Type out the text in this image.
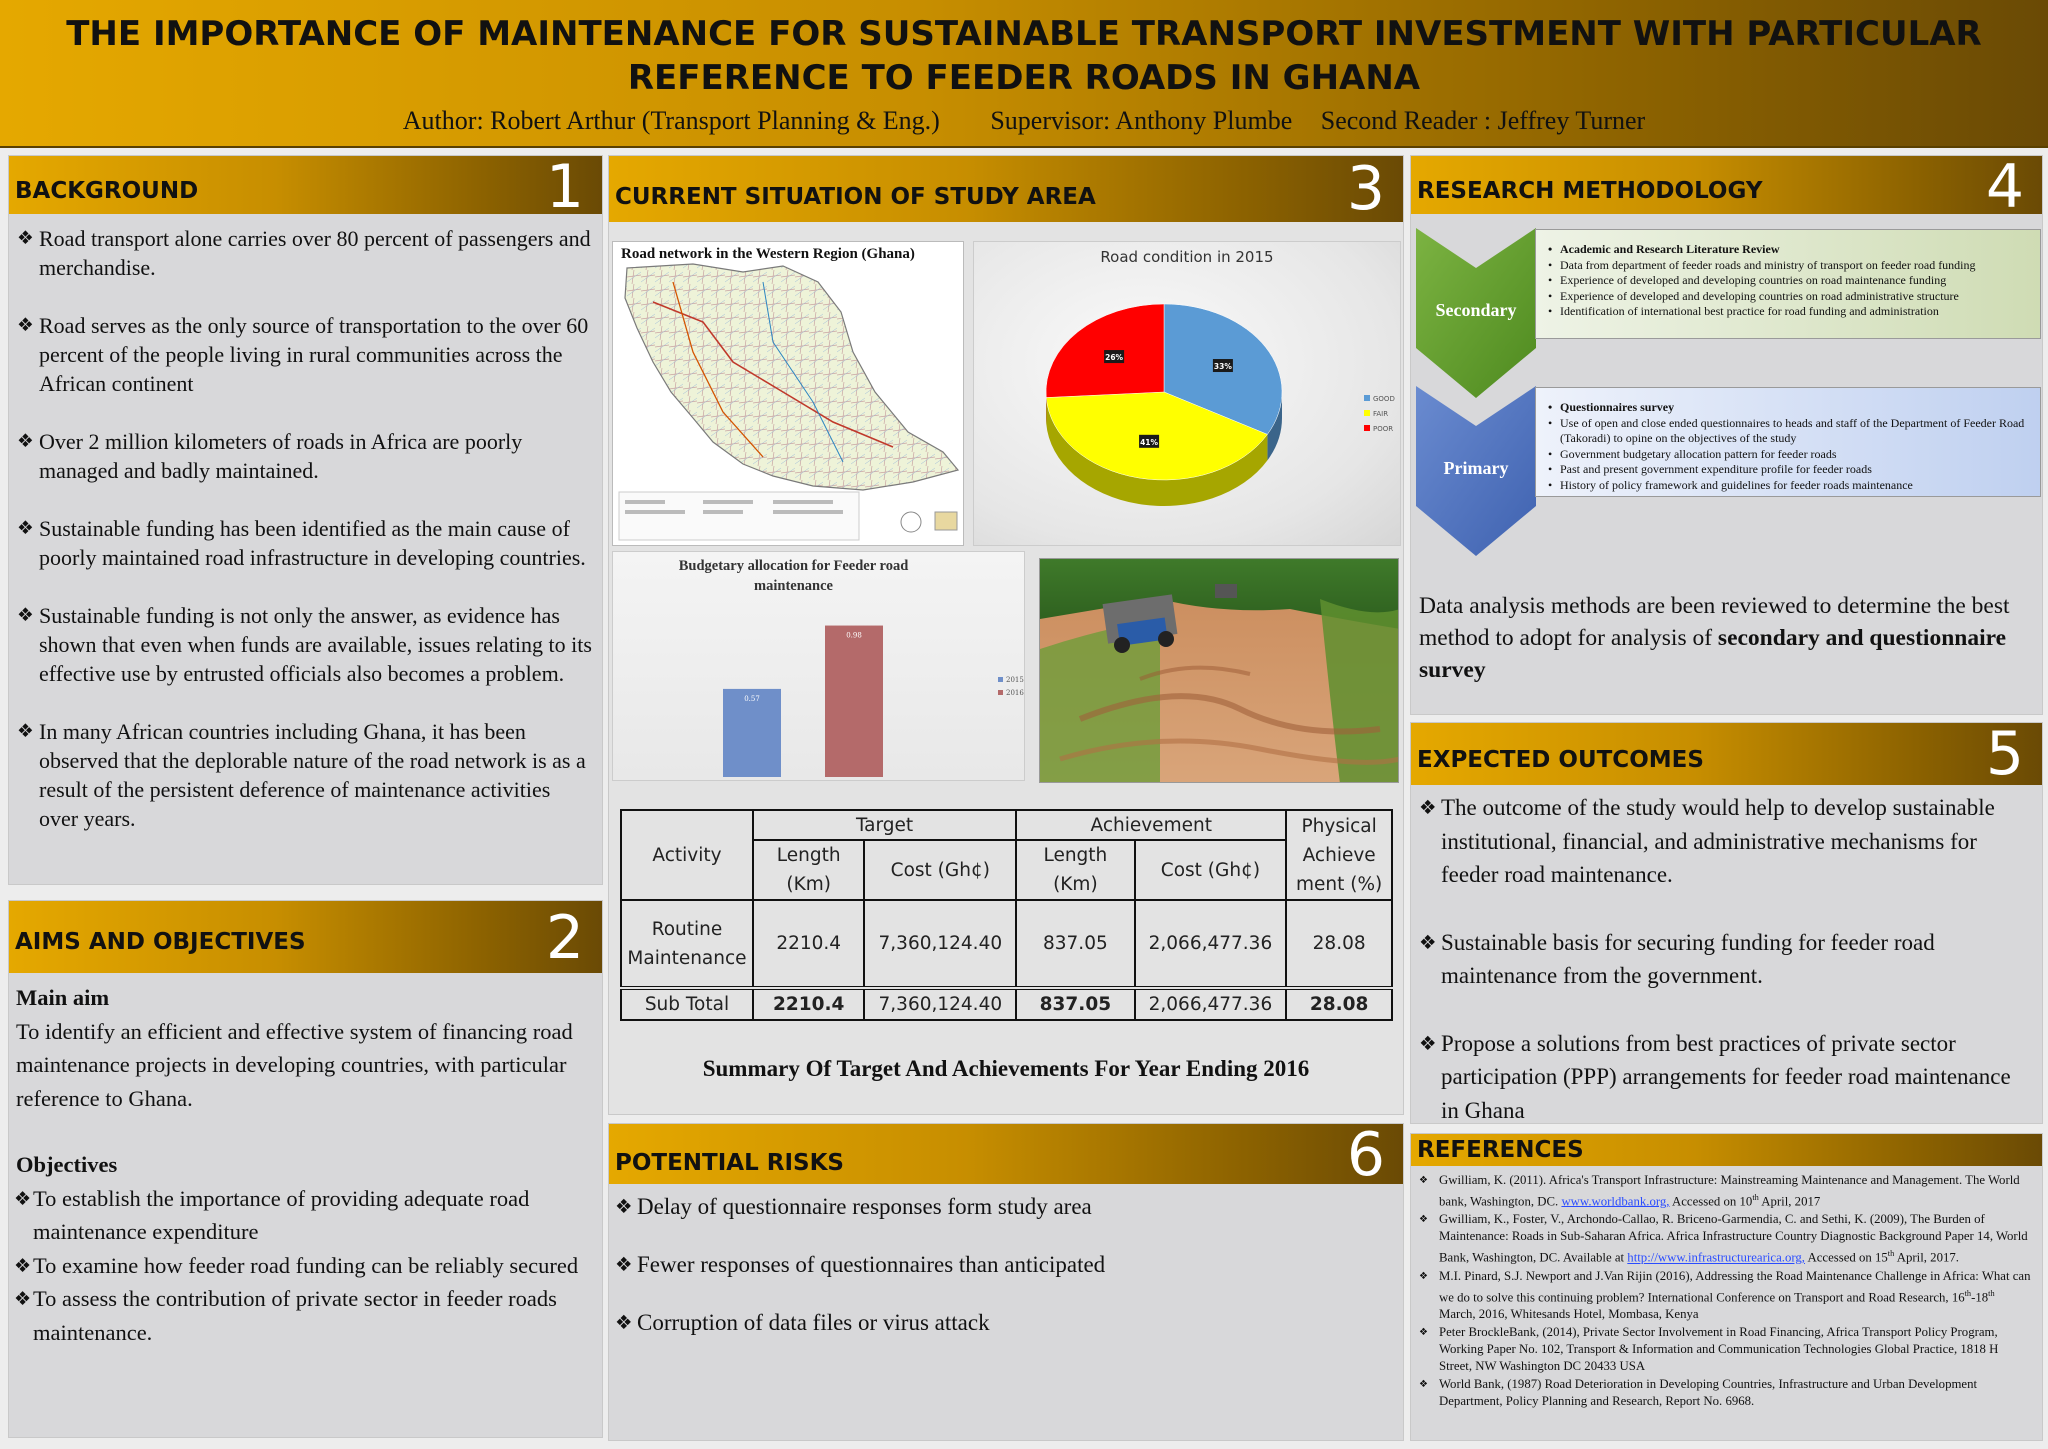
THE IMPORTANCE OF MAINTENANCE FOR SUSTAINABLE TRANSPORT INVESTMENT WITH PARTICULAR REFERENCE TO FEEDER ROADS IN GHANA
Author: Robert Arthur (Transport Planning & Eng.) Supervisor: Anthony Plumbe Second Reader : Jeffrey Turner
BACKGROUND	1
❖ Road transport alone carries over 80 percent of passengers and merchandise.
❖ Road serves as the only source of transportation to the over 60 percent of the people living in rural communities across the African continent
❖ Over 2 million kilometers of roads in Africa are poorly managed and badly maintained.
❖ Sustainable funding has been identified as the main cause of poorly maintained road infrastructure in developing countries.
❖ Sustainable funding is not only the answer, as evidence has shown that even when funds are available, issues relating to its effective use by entrusted officials also becomes a problem.
❖ In many African countries including Ghana, it has been observed that the deplorable nature of the road network is as a result of the persistent deference of maintenance activities over years.
AIMS AND OBJECTIVES	2
Main aim
To identify an efficient and effective system of financing road maintenance projects in developing countries, with particular reference to Ghana.
Objectives
❖ To establish the importance of providing adequate road maintenance expenditure
❖ To examine how feeder road funding can be reliably secured
❖ To assess the contribution of private sector in feeder roads maintenance.
CURRENT SITUATION OF STUDY AREA	3
Road network in the Western Region (Ghana)	Road condition in 2015
33%
41%
26%
GOOD
FAIR
POOR
Budgetary allocation for Feeder road maintenance
0.57
0.98
2015
2016
Activity	Target		Achievement		Physical Achieve ment (%)
	Length (Km)	Cost (Gh¢)	Length (Km)	Cost (Gh¢)	
Routine Maintenance	2210.4	7,360,124.40	837.05	2,066,477.36	28.08
Sub Total	2210.4	7,360,124.40	837.05	2,066,477.36	28.08
Summary Of Target And Achievements For Year Ending 2016
POTENTIAL RISKS	6
❖ Delay of questionnaire responses form study area
❖ Fewer responses of questionnaires than anticipated
❖ Corruption of data files or virus attack
RESEARCH METHODOLOGY	4
Secondary
• Academic and Research Literature Review
• Data from department of feeder roads and ministry of transport on feeder road funding
• Experience of developed and developing countries on road maintenance funding
• Experience of developed and developing countries on road administrative structure
• Identification of international best practice for road funding and administration
Primary
• Questionnaires survey
• Use of open and close ended questionnaires to heads and staff of the Department of Feeder Road (Takoradi) to opine on the objectives of the study
• Government budgetary allocation pattern for feeder roads
• Past and present government expenditure profile for feeder roads
• History of policy framework and guidelines for feeder roads maintenance
Data analysis methods are been reviewed to determine the best method to adopt for analysis of secondary and questionnaire survey
EXPECTED OUTCOMES	5
❖ The outcome of the study would help to develop sustainable institutional, financial, and administrative mechanisms for feeder road maintenance.
❖ Sustainable basis for securing funding for feeder road maintenance from the government.
❖ Propose a solutions from best practices of private sector participation (PPP) arrangements for feeder road maintenance in Ghana
REFERENCES
❖ Gwilliam, K. (2011). Africa's Transport Infrastructure: Mainstreaming Maintenance and Management. The World bank, Washington, DC. www.worldbank.org, Accessed on 10th April, 2017
❖ Gwilliam, K., Foster, V., Archondo-Callao, R. Briceno-Garmendia, C. and Sethi, K. (2009), The Burden of Maintenance: Roads in Sub-Saharan Africa. Africa Infrastructure Country Diagnostic Background Paper 14, World Bank, Washington, DC. Available at http://www.infrastructurearica.org, Accessed on 15th April, 2017.
❖ M.I. Pinard, S.J. Newport and J.Van Rijin (2016), Addressing the Road Maintenance Challenge in Africa: What can we do to solve this continuing problem? International Conference on Transport and Road Research, 16th-18th March, 2016, Whitesands Hotel, Mombasa, Kenya
❖ Peter BrockleBank, (2014), Private Sector Involvement in Road Financing, Africa Transport Policy Program, Working Paper No. 102, Transport & Information and Communication Technologies Global Practice, 1818 H Street, NW Washington DC 20433 USA
❖ World Bank, (1987) Road Deterioration in Developing Countries, Infrastructure and Urban Development Department, Policy Planning and Research, Report No. 6968.
